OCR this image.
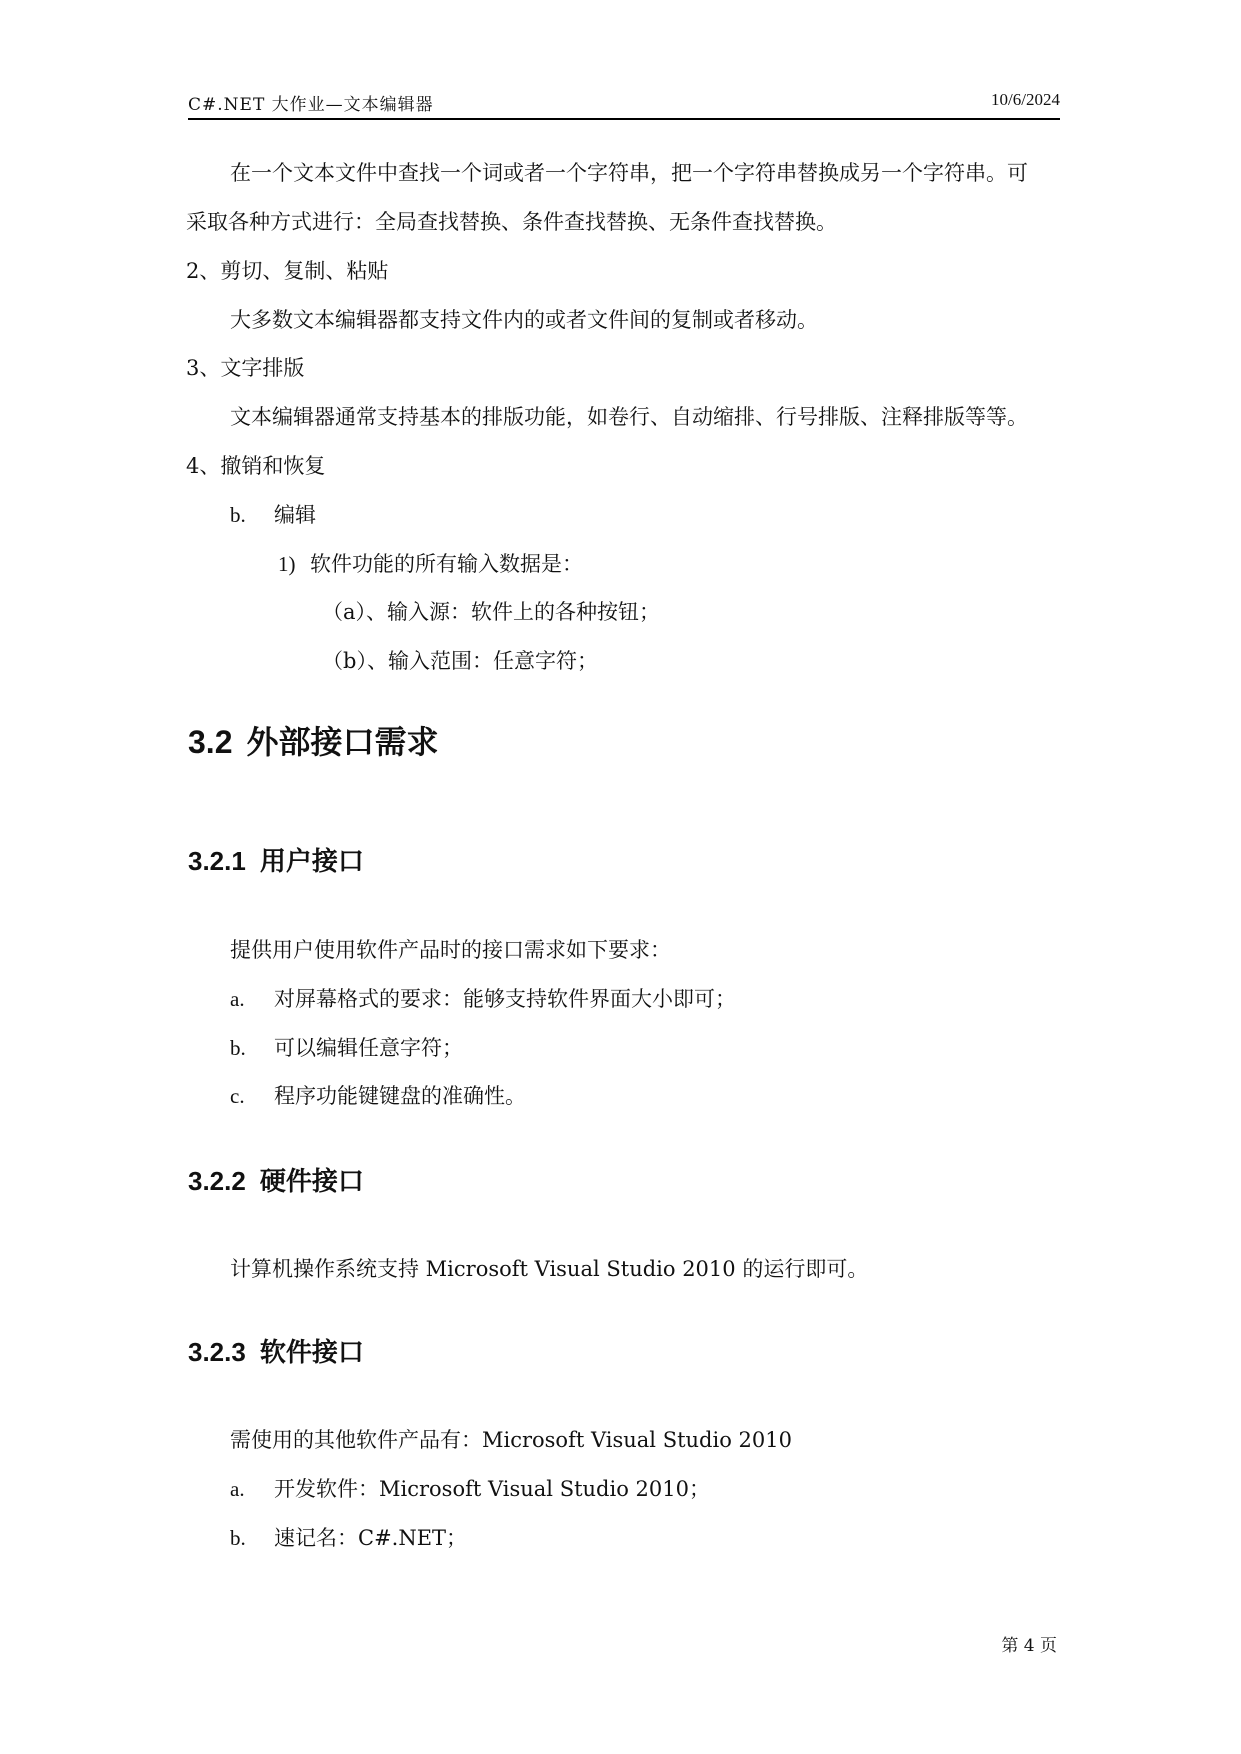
C#.NET 大作业—文本编辑器	10/6/2024
在一个文本文件中查找一个词或者一个字符串，把一个字符串替换成另一个字符串。可
采取各种方式进行：全局查找替换、条件查找替换、无条件查找替换。
2、剪切、复制、粘贴
大多数文本编辑器都支持文件内的或者文件间的复制或者移动。
3、文字排版
文本编辑器通常支持基本的排版功能，如卷行、自动缩排、行号排版、注释排版等等。
4、撤销和恢复
b. 编辑
1) 软件功能的所有输入数据是：
（a）、输入源：软件上的各种按钮；
（b）、输入范围：任意字符；
3.2 外部接口需求
3.2.1 用户接口
提供用户使用软件产品时的接口需求如下要求：
a. 对屏幕格式的要求：能够支持软件界面大小即可；
b. 可以编辑任意字符；
c. 程序功能键键盘的准确性。
3.2.2 硬件接口
计算机操作系统支持 Microsoft Visual Studio 2010 的运行即可。
3.2.3 软件接口
需使用的其他软件产品有：Microsoft Visual Studio 2010
a. 开发软件：Microsoft Visual Studio 2010；
b. 速记名：C#.NET；
第 4 页
